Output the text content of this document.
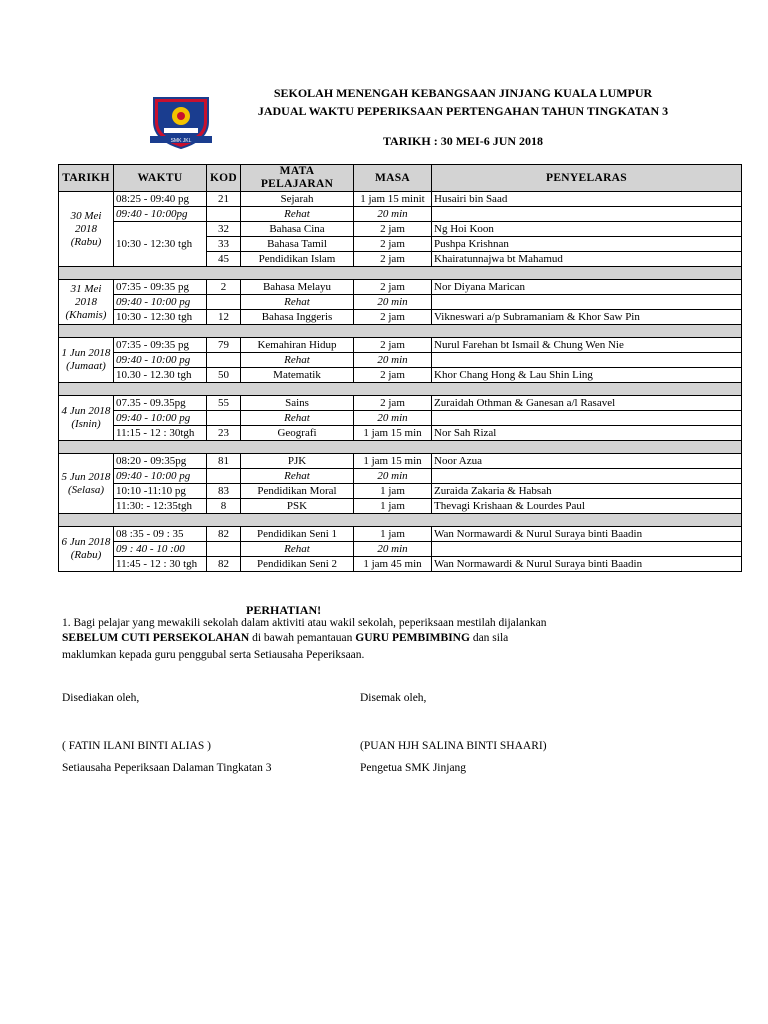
SMK JKL
SEKOLAH MENENGAH KEBANGSAAN JINJANG KUALA LUMPUR
JADUAL WAKTU PEPERIKSAAN PERTENGAHAN TAHUN TINGKATAN 3
TARIKH : 30 MEI-6 JUN 2018
TARIKH	WAKTU	KOD	MATA PELAJARAN	MASA	PENYELARAS
30 Mei 2018 (Rabu)	08:25 - 09:40 pg	21	Sejarah	1 jam 15 minit	Husairi bin Saad
	09:40 - 10:00pg		Rehat	20 min	
	10:30 - 12:30 tgh	32	Bahasa Cina	2 jam	Ng Hoi Koon
		33	Bahasa Tamil	2 jam	Pushpa Krishnan
		45	Pendidikan Islam	2 jam	Khairatunnajwa bt Mahamud

31 Mei 2018 (Khamis)	07:35 - 09:35 pg	2	Bahasa Melayu	2 jam	Nor Diyana Marican
	09:40 - 10:00 pg		Rehat	20 min	
	10:30 - 12:30 tgh	12	Bahasa Inggeris	2 jam	Vikneswari a/p Subramaniam & Khor Saw Pin

1 Jun 2018 (Jumaat)	07:35 - 09:35 pg	79	Kemahiran Hidup	2 jam	Nurul Farehan bt Ismail & Chung Wen Nie
	09:40 - 10:00 pg		Rehat	20 min	
	10.30 - 12.30 tgh	50	Matematik	2 jam	Khor Chang Hong & Lau Shin Ling

4 Jun 2018 (Isnin)	07.35 - 09.35pg	55	Sains	2 jam	Zuraidah Othman & Ganesan a/l Rasavel
	09:40 - 10:00 pg		Rehat	20 min	
	11:15 - 12 : 30tgh	23	Geografi	1 jam 15 min	Nor Sah Rizal

5 Jun 2018 (Selasa)	08:20 - 09:35pg	81	PJK	1 jam 15 min	Noor Azua
	09:40 - 10:00 pg		Rehat	20 min	
	10:10 -11:10 pg	83	Pendidikan Moral	1 jam	Zuraida Zakaria & Habsah
	11:30: - 12:35tgh	8	PSK	1 jam	Thevagi Krishaan & Lourdes Paul

6 Jun 2018 (Rabu)	08 :35 - 09 : 35	82	Pendidikan Seni 1	1 jam	Wan Normawardi & Nurul Suraya binti Baadin
	09 : 40 - 10 :00		Rehat	20 min	
	11:45 - 12 : 30 tgh	82	Pendidikan Seni 2	1 jam 45 min	Wan Normawardi & Nurul Suraya binti Baadin
PERHATIAN!
1. Bagi pelajar yang mewakili sekolah dalam aktiviti atau wakil sekolah, peperiksaan mestilah dijalankan
SEBELUM CUTI PERSEKOLAHAN di bawah pemantauan GURU PEMBIMBING dan sila
maklumkan kepada guru penggubal serta Setiausaha Peperiksaan.
Disediakan oleh,	Disemak oleh,
( FATIN ILANI BINTI ALIAS )	(PUAN HJH SALINA BINTI SHAARI)
Setiausaha Peperiksaan Dalaman Tingkatan 3	Pengetua SMK Jinjang
